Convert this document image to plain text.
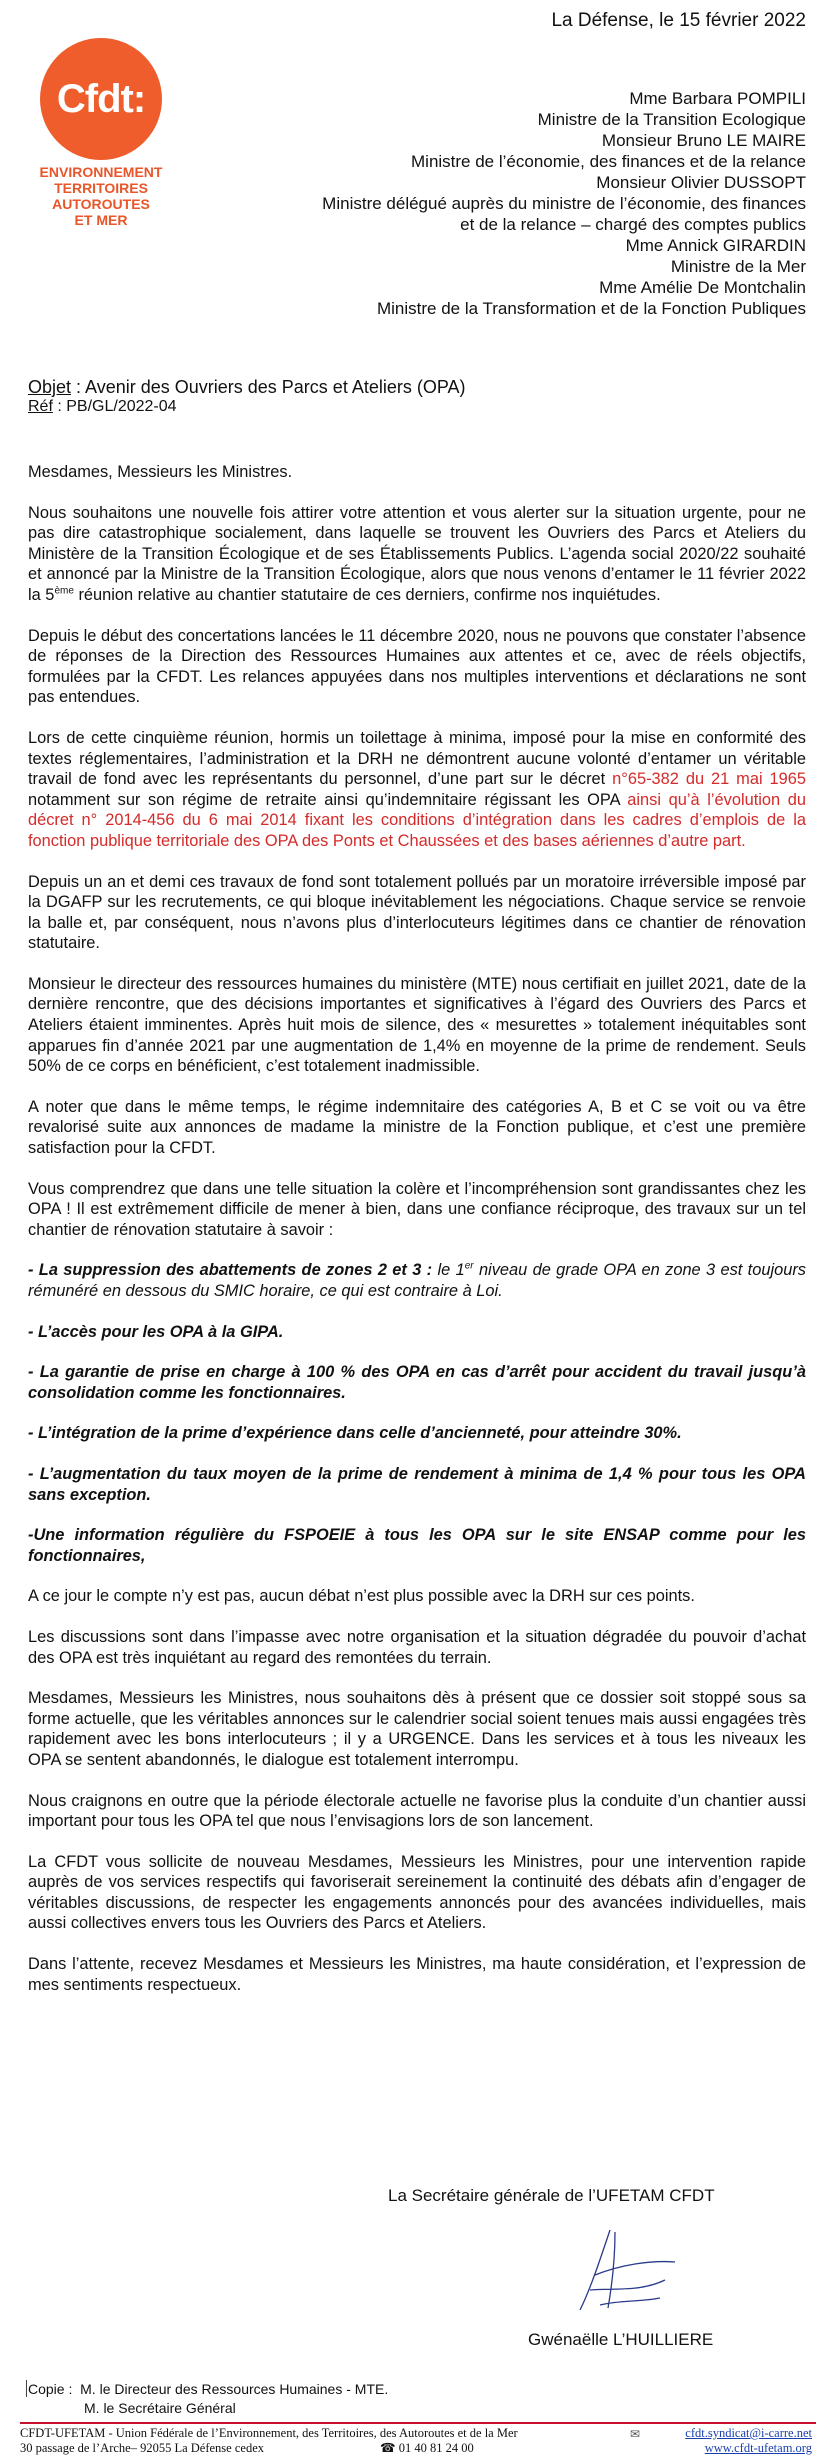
La Défense, le 15 février 2022
Cfdt:
ENVIRONNEMENT
TERRITOIRES
AUTOROUTES
ET MER
Mme Barbara POMPILI
Ministre de la Transition Ecologique
Monsieur Bruno LE MAIRE
Ministre de l’économie, des finances et de la relance
Monsieur Olivier DUSSOPT
Ministre délégué auprès du ministre de l’économie, des finances
et de la relance – chargé des comptes publics
Mme Annick GIRARDIN
Ministre de la Mer
Mme Amélie De Montchalin
Ministre de la Transformation et de la Fonction Publiques
Objet : Avenir des Ouvriers des Parcs et Ateliers (OPA)
Réf : PB/GL/2022-04

Mesdames, Messieurs les Ministres.

Nous souhaitons une nouvelle fois attirer votre attention et vous alerter sur la situation urgente, pour ne pas dire catastrophique socialement, dans laquelle se trouvent les Ouvriers des Parcs et Ateliers du Ministère de la Transition Écologique et de ses Établissements Publics. L’agenda social 2020/22 souhaité et annoncé par la Ministre de la Transition Écologique, alors que nous venons d’entamer le 11 février 2022 la 5ème réunion relative au chantier statutaire de ces derniers, confirme nos inquiétudes.

Depuis le début des concertations lancées le 11 décembre 2020, nous ne pouvons que constater l’absence de réponses de la Direction des Ressources Humaines aux attentes et ce, avec de réels objectifs, formulées par la CFDT. Les relances appuyées dans nos multiples interventions et déclarations ne sont pas entendues.

Lors de cette cinquième réunion, hormis un toilettage à minima, imposé pour la mise en conformité des textes réglementaires, l’administration et la DRH ne démontrent aucune volonté d’entamer un véritable travail de fond avec les représentants du personnel, d’une part sur le décret n°65-382 du 21 mai 1965 notamment sur son régime de retraite ainsi qu’indemnitaire régissant les OPA ainsi qu’à l’évolution du décret n° 2014-456 du 6 mai 2014 fixant les conditions d’intégration dans les cadres d’emplois de la fonction publique territoriale des OPA des Ponts et Chaussées et des bases aériennes d’autre part.

Depuis un an et demi ces travaux de fond sont totalement pollués par un moratoire irréversible imposé par la DGAFP sur les recrutements, ce qui bloque inévitablement les négociations. Chaque service se renvoie la balle et, par conséquent, nous n’avons plus d’interlocuteurs légitimes dans ce chantier de rénovation statutaire.

Monsieur le directeur des ressources humaines du ministère (MTE) nous certifiait en juillet 2021, date de la dernière rencontre, que des décisions importantes et significatives à l’égard des Ouvriers des Parcs et Ateliers étaient imminentes. Après huit mois de silence, des « mesurettes » totalement inéquitables sont apparues fin d’année 2021 par une augmentation de 1,4% en moyenne de la prime de rendement. Seuls 50% de ce corps en bénéficient, c’est totalement inadmissible.

A noter que dans le même temps, le régime indemnitaire des catégories A, B et C se voit ou va être revalorisé suite aux annonces de madame la ministre de la Fonction publique, et c’est une première satisfaction pour la CFDT.

Vous comprendrez que dans une telle situation la colère et l’incompréhension sont grandissantes chez les OPA ! Il est extrêmement difficile de mener à bien, dans une confiance réciproque, des travaux sur un tel chantier de rénovation statutaire à savoir :

- La suppression des abattements de zones 2 et 3 : le 1er niveau de grade OPA en zone 3 est toujours rémunéré en dessous du SMIC horaire, ce qui est contraire à Loi.

- L’accès pour les OPA à la GIPA.

- La garantie de prise en charge à 100 % des OPA en cas d’arrêt pour accident du travail jusqu’à consolidation comme les fonctionnaires.

- L’intégration de la prime d’expérience dans celle d’ancienneté, pour atteindre 30%.

- L’augmentation du taux moyen de la prime de rendement à minima de 1,4 % pour tous les OPA sans exception.

-Une information régulière du FSPOEIE à tous les OPA sur le site ENSAP comme pour les fonctionnaires,

A ce jour le compte n’y est pas, aucun débat n’est plus possible avec la DRH sur ces points.

Les discussions sont dans l’impasse avec notre organisation et la situation dégradée du pouvoir d’achat des OPA est très inquiétant au regard des remontées du terrain.

Mesdames, Messieurs les Ministres, nous souhaitons dès à présent que ce dossier soit stoppé sous sa forme actuelle, que les véritables annonces sur le calendrier social soient tenues mais aussi engagées très rapidement avec les bons interlocuteurs ; il y a URGENCE. Dans les services et à tous les niveaux les OPA se sentent abandonnés, le dialogue est totalement interrompu.

Nous craignons en outre que la période électorale actuelle ne favorise plus la conduite d’un chantier aussi important pour tous les OPA tel que nous l’envisagions lors de son lancement.

La CFDT vous sollicite de nouveau Mesdames, Messieurs les Ministres, pour une intervention rapide auprès de vos services respectifs qui favoriserait sereinement la continuité des débats afin d’engager de véritables discussions, de respecter les engagements annoncés pour des avancées individuelles, mais aussi collectives envers tous les Ouvriers des Parcs et Ateliers.

Dans l’attente, recevez Mesdames et Messieurs les Ministres, ma haute considération, et l’expression de mes sentiments respectueux.

La Secrétaire générale de l’UFETAM CFDT
Gwénaëlle L’HUILLIERE
Copie : M. le Directeur des Ressources Humaines - MTE.
M. le Secrétaire Général
CFDT-UFETAM - Union Fédérale de l’Environnement, des Territoires, des Autoroutes et de la Mer
30 passage de l’Arche– 92055 La Défense cedex
✉
☎ 01 40 81 24 00
cfdt.syndicat@i-carre.net
www.cfdt-ufetam.org
